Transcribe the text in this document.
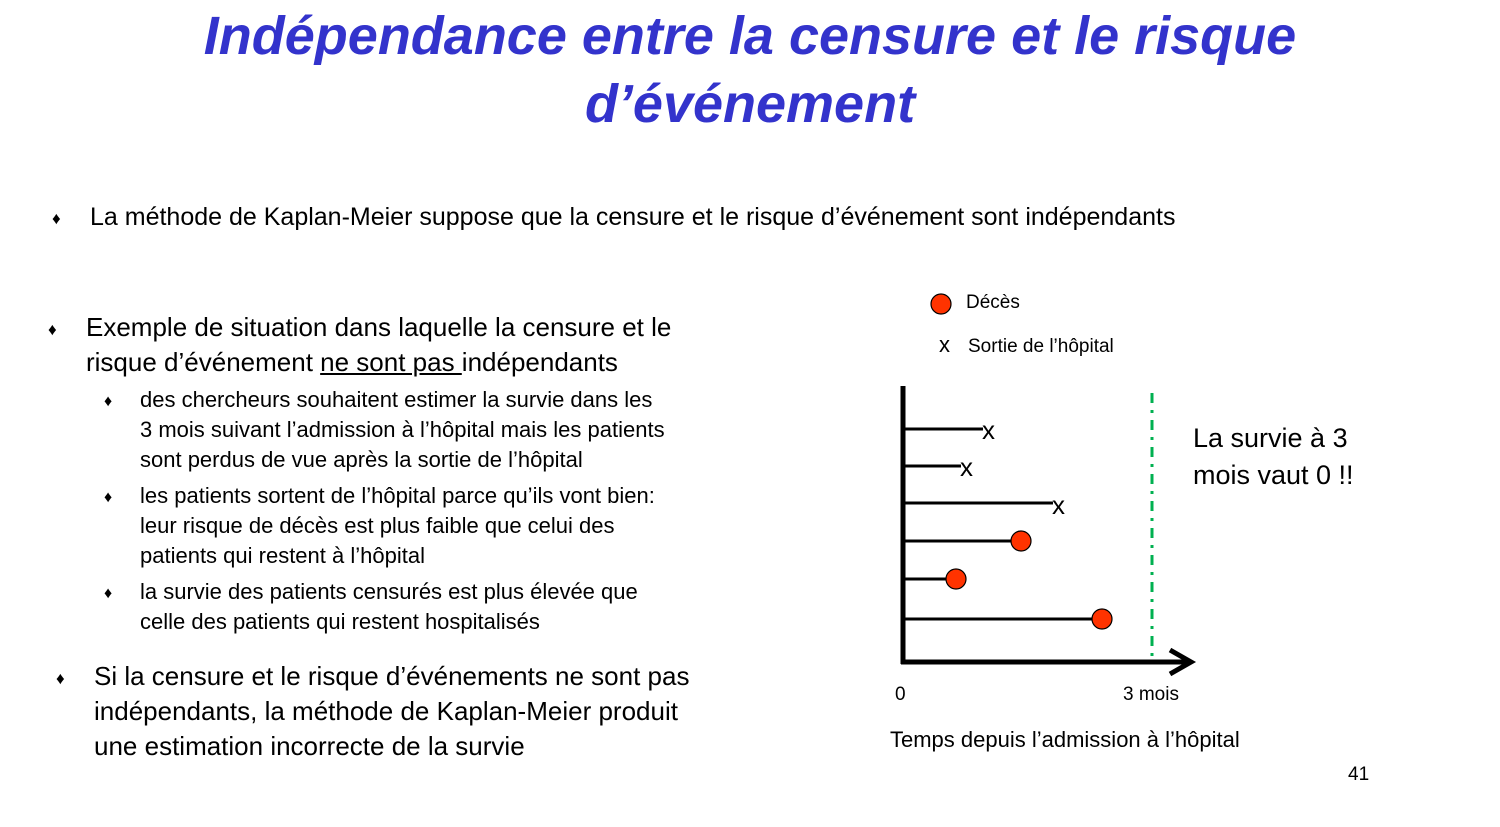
Indépendance entre la censure et le risque
d’événement
♦ La méthode de Kaplan-Meier suppose que la censure et le risque d’événement sont indépendants
♦ Exemple de situation dans laquelle la censure et le
risque d’événement ne sont pas indépendants
♦ des chercheurs souhaitent estimer la survie dans les
3 mois suivant l’admission à l’hôpital mais les patients
sont perdus de vue après la sortie de l’hôpital
♦ les patients sortent de l’hôpital parce qu’ils vont bien:
leur risque de décès est plus faible que celui des
patients qui restent à l’hôpital
♦ la survie des patients censurés est plus élevée que
celle des patients qui restent hospitalisés
♦ Si la censure et le risque d’événements ne sont pas
indépendants, la méthode de Kaplan-Meier produit
une estimation incorrecte de la survie
x
Décès
Sortie de l’hôpital
x
x
x
0	3 mois
Temps depuis l’admission à l’hôpital
La survie à 3
mois vaut 0 !!
41
